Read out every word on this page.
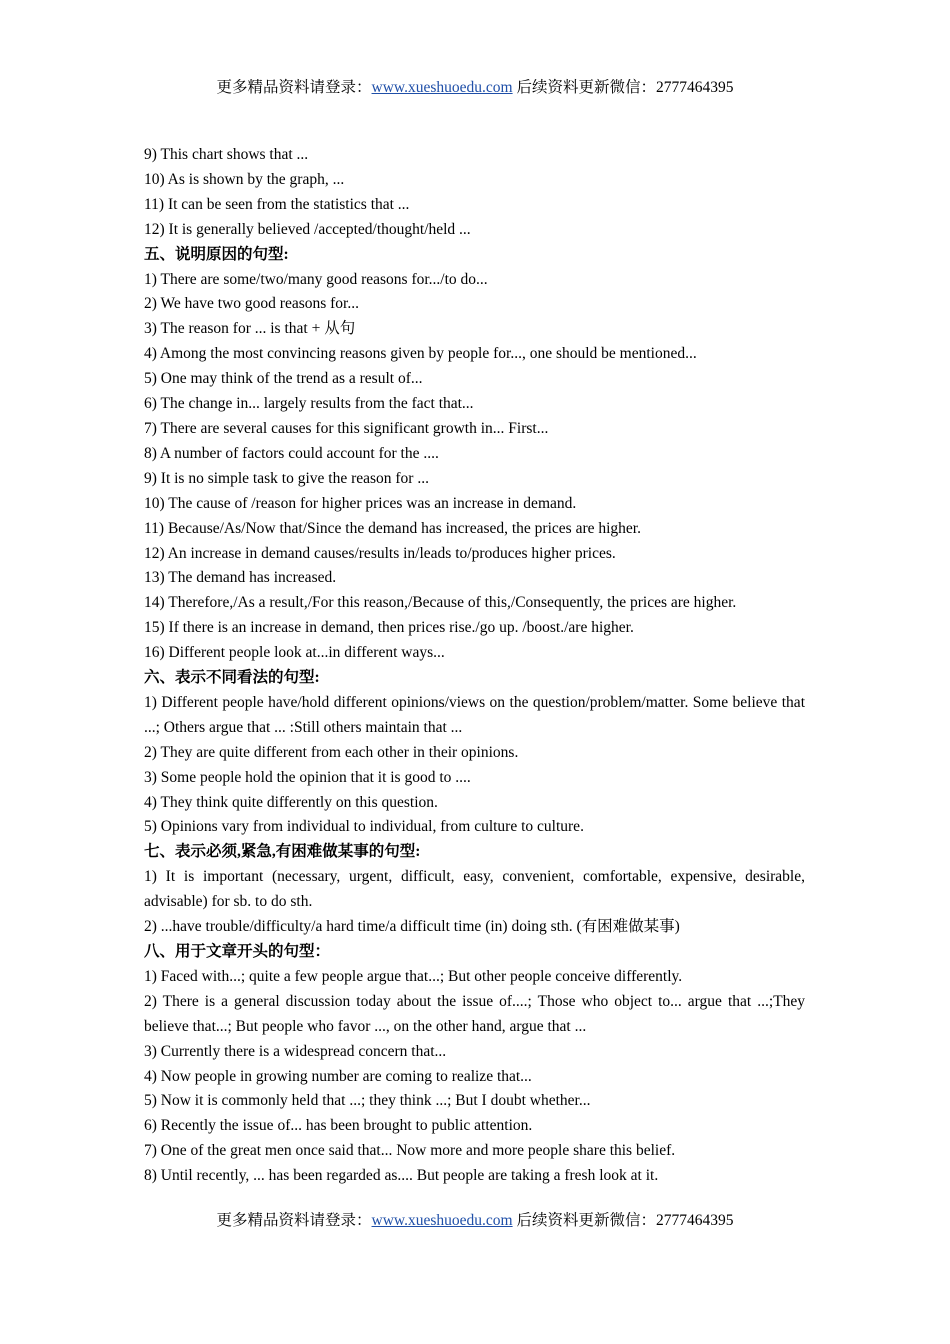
更多精品资料请登录：www.xueshuoedu.com 后续资料更新微信：2777464395
9) This chart shows that ...
10) As is shown by the graph, ...
11) It can be seen from the statistics that ...
12) It is generally believed /accepted/thought/held ...
五、说明原因的句型:
1) There are some/two/many good reasons for.../to do...
2) We have two good reasons for...
3) The reason for ... is that + 从句
4) Among the most convincing reasons given by people for..., one should be mentioned...
5) One may think of the trend as a result of...
6) The change in... largely results from the fact that...
7) There are several causes for this significant growth in... First...
8) A number of factors could account for the ....
9) It is no simple task to give the reason for ...
10) The cause of /reason for higher prices was an increase in demand.
11) Because/As/Now that/Since the demand has increased, the prices are higher.
12) An increase in demand causes/results in/leads to/produces higher prices.
13) The demand has increased.
14) Therefore,/As a result,/For this reason,/Because of this,/Consequently, the prices are higher.
15) If there is an increase in demand, then prices rise./go up. /boost./are higher.
16) Different people look at...in different ways...
六、表示不同看法的句型:
1) Different people have/hold different opinions/views on the question/problem/matter. Some believe that ...; Others argue that ... :Still others maintain that ...
2) They are quite different from each other in their opinions.
3) Some people hold the opinion that it is good to ....
4) They think quite differently on this question.
5) Opinions vary from individual to individual, from culture to culture.
七、表示必须,紧急,有困难做某事的句型:
1) It is important (necessary, urgent, difficult, easy, convenient, comfortable, expensive, desirable, advisable) for sb. to do sth.
2) ...have trouble/difficulty/a hard time/a difficult time (in) doing sth. (有困难做某事)
八、用于文章开头的句型：
1) Faced with...; quite a few people argue that...; But other people conceive differently.
2) There is a general discussion today about the issue of....; Those who object to... argue that ...;They believe that...; But people who favor ..., on the other hand, argue that ...
3) Currently there is a widespread concern that...
4) Now people in growing number are coming to realize that...
5) Now it is commonly held that ...; they think ...; But I doubt whether...
6) Recently the issue of... has been brought to public attention.
7) One of the great men once said that... Now more and more people share this belief.
8) Until recently, ... has been regarded as.... But people are taking a fresh look at it.
更多精品资料请登录：www.xueshuoedu.com 后续资料更新微信：2777464395
